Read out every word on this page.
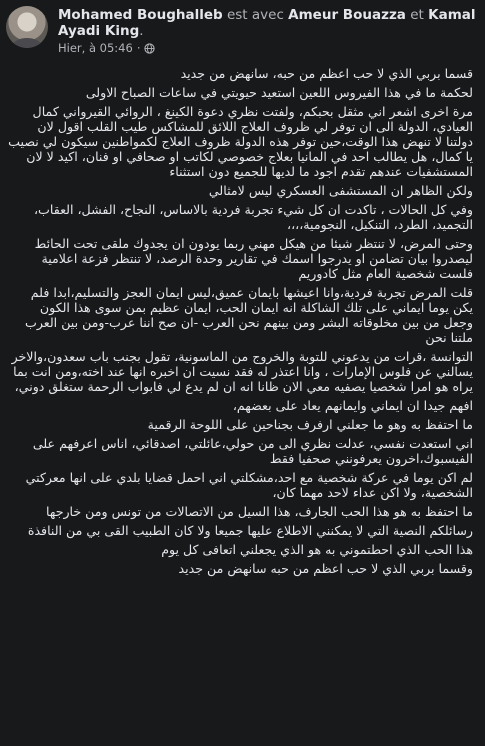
Mohamed Boughalleb est avec Ameur Bouazza et Kamal Ayadi King.
Hier, à 05:46 ·

قسما بربي الذي لا حب اعظم من حبه، سانهض من جديد

لحكمة ما في هذا الفيروس اللعين استعيد حيويتي في ساعات الصباح الاولى

مرة اخرى اشعر اني مثقل بحبكم، ولفتت نظري دعوة الكينغ ، الروائي القيرواني كمال العيادي، الدولة الى ان توفر لي ظروف العلاج اللائق للمشاكس طيب القلب اقول لان دولتنا لا تنهض هذا الوقت،حين توفر هذه الدولة ظروف العلاج لكمواطنين سيكون لي نصيب يا كمال، هل يطالب احد في المانيا بعلاج خصوصي لكاتب او صحافي او فنان، اكيد لا لان المستشفيات عندهم تقدم اجود ما لديها للجميع دون استثناء

ولكن الظاهر ان المستشفى العسكري ليس لامثالي

وفي كل الحالات ، تاكدت ان كل شيء تجربة فردية بالاساس، النجاح، الفشل، العقاب، التجميد، الطرد، التنكيل، النجومية،،،،

وحتى المرض، لا تنتظر شيئا من هيكل مهني ربما يودون ان يجدوك ملقى تحت الحائط ليصدروا بيان تضامن او يدرجوا اسمك في تقارير وحدة الرصد، لا تنتظر فزعة اعلامية فلست شخصية العام مثل كادوريم

قلت المرض تجربة فردية،وانا اعيشها بايمان عميق،ليس ايمان العجز والتسليم،ابدا فلم يكن يوما ايماني على تلك الشاكلة انه ايمان الحب، ايمان عظيم بمن سوى هذا الكون وجعل من بين مخلوقاته البشر ومن بينهم نحن العرب -ان صح اننا عرب-ومن بين العرب ملتنا نحن

التوانسة ،قرات من يدعوني للتوبة والخروج من الماسونية، تقول بجنب باب سعدون،والاخر يسالني عن فلوس الإمارات ، وانا اعتذر له فقد نسيت ان اخبره انها عند اخته،ومن انت بما يراه هو امرا شخصيا يصفيه معي الان ظانا انه ان لم يدع لي فابواب الرحمة ستغلق دوني،

افهم جيدا ان ايماني وايمانهم يعاد على بعضهم،

ما احتفظ به وهو ما جعلني ارفرف بجناحين على اللوحة الرقمية

اني استعدت نفسي، عدلت نظري الى من حولي،عائلتي، اصدقائي، اناس اعرفهم على الفيسبوك،اخرون يعرفونني صحفيا فقط

لم اكن يوما في عركة شخصية مع احد،مشكلتي اني احمل قضايا بلدي على انها معركتي الشخصية، ولا اكن عداء لاحد مهما كان،

ما احتفظ به هو هذا الحب الجارف، هذا السيل من الاتصالات من تونس ومن خارجها

رسائلكم النصية التي لا يمكنني الاطلاع عليها جميعا ولا كان الطبيب القى بي من النافذة

هذا الحب الذي احطتموني به هو الذي يجعلني اتعافى كل يوم

وقسما بربي الذي لا حب اعظم من حبه سانهض من جديد
